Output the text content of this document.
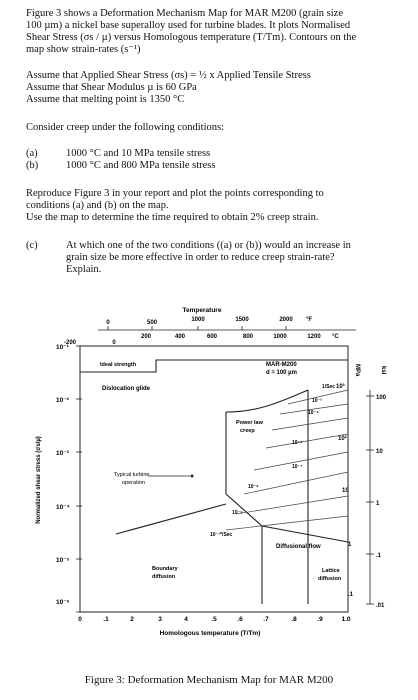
Figure 3 shows a Deformation Mechanism Map for MAR M200 (grain size

100 µm) a nickel base superalloy used for turbine blades. It plots Normalised

Shear Stress (σs / µ) versus Homologous temperature (T/Tm). Contours on the

map show strain-rates (s⁻¹)

Assume that Applied Shear Stress (σs) = ½ x Applied Tensile Stress

Assume that Shear Modulus µ is 60 GPa

Assume that melting point is 1350 °C

Consider creep under the following conditions:

(a)	1000 °C and 10 MPa tensile stress
(b)	1000 °C and 800 MPa tensile stress

Reproduce Figure 3 in your report and plot the points corresponding to

conditions (a) and (b) on the map.

Use the map to determine the time required to obtain 2% creep strain.

(c)	At which one of the two conditions ((a) or (b)) would an increase in
grain size be more effective in order to reduce creep strain-rate?
Explain.
Temperature
0	500	1000	1500	2000 °F
-200	0
200	400	600	800	1000	1200 °C
10⁻¹
10⁻²
10⁻³
10⁻⁴
10⁻⁵
10⁻⁶
Normalized shear stress (σs/µ)
0	.1	2	3	4	.5	.6	.7	.8	.9	1.0
Homologous temperature (T/Tm)
MPa	ksi
10³
10²
10
1
.1
100
10
1
.1
.01
MAR-M200
d = 100 µm
Ideal strength
Dislocation glide
Power law
creep
Typical turbine
operation
Boundary
diffusion
Diffusional flow
Lattice
diffusion
1/Sec
10⁻²
10⁻⁴
10⁻⁶
10⁻⁷
10⁻⁸
10⁻⁹
10⁻¹⁰/Sec
Figure 3: Deformation Mechanism Map for MAR M200
